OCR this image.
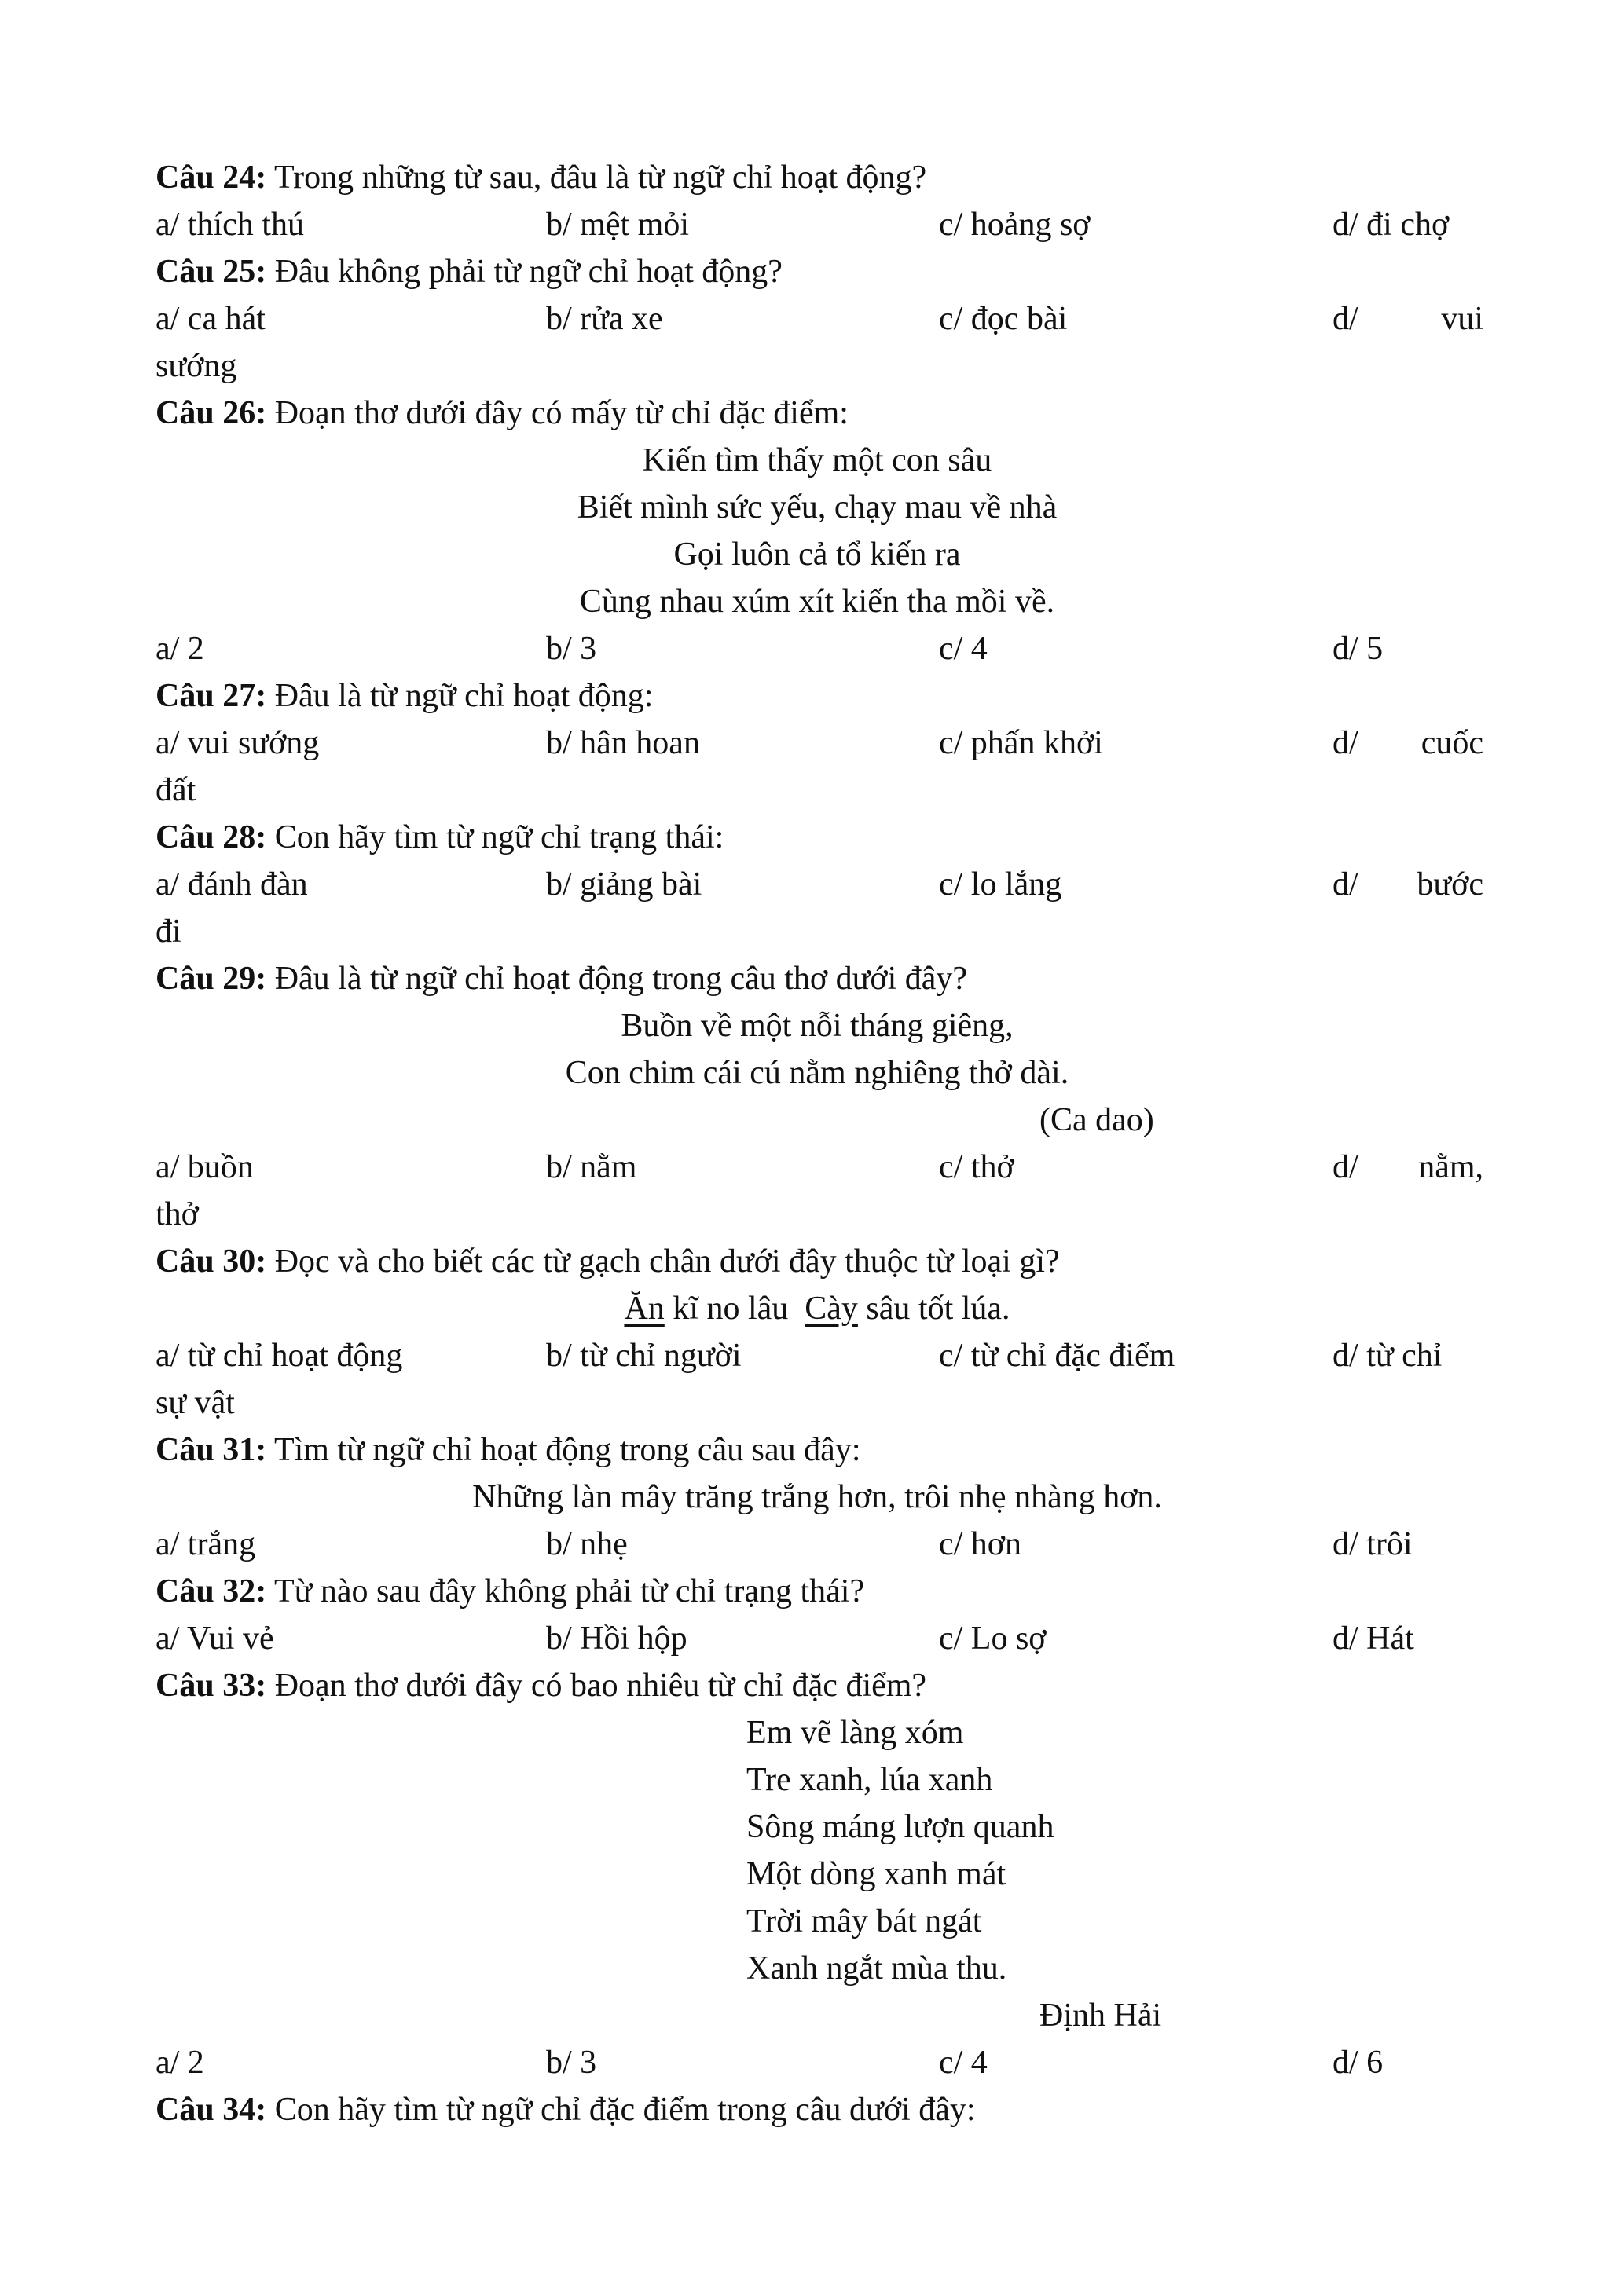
Câu 24: Trong những từ sau, đâu là từ ngữ chỉ hoạt động?
a/ thích thú	b/ mệt mỏi	c/ hoảng sợ	d/ đi chợ
Câu 25: Đâu không phải từ ngữ chỉ hoạt động?
a/ ca hát	b/ rửa xe	c/ đọc bài	d/	vui
sướng
Câu 26: Đoạn thơ dưới đây có mấy từ chỉ đặc điểm:
Kiến tìm thấy một con sâu
Biết mình sức yếu, chạy mau về nhà
Gọi luôn cả tổ kiến ra
Cùng nhau xúm xít kiến tha mồi về.
a/ 2	b/ 3	c/ 4	d/ 5
Câu 27: Đâu là từ ngữ chỉ hoạt động:
a/ vui sướng	b/ hân hoan	c/ phấn khởi	d/ cuốc
đất
Câu 28: Con hãy tìm từ ngữ chỉ trạng thái:
a/ đánh đàn	b/ giảng bài	c/ lo lắng	d/ bước
đi
Câu 29: Đâu là từ ngữ chỉ hoạt động trong câu thơ dưới đây?
Buồn về một nỗi tháng giêng,
Con chim cái cú nằm nghiêng thở dài.
(Ca dao)
a/ buồn	b/ nằm	c/ thở	d/ nằm,
thở
Câu 30: Đọc và cho biết các từ gạch chân dưới đây thuộc từ loại gì?
Ăn kĩ no lâu  Cày sâu tốt lúa.
a/ từ chỉ hoạt động	b/ từ chỉ người	c/ từ chỉ đặc điểm	d/ từ chỉ
sự vật
Câu 31: Tìm từ ngữ chỉ hoạt động trong câu sau đây:
Những làn mây trăng trắng hơn, trôi nhẹ nhàng hơn.
a/ trắng	b/ nhẹ	c/ hơn	d/ trôi
Câu 32: Từ nào sau đây không phải từ chỉ trạng thái?
a/ Vui vẻ	b/ Hồi hộp	c/ Lo sợ	d/ Hát
Câu 33: Đoạn thơ dưới đây có bao nhiêu từ chỉ đặc điểm?
Em vẽ làng xóm
Tre xanh, lúa xanh
Sông máng lượn quanh
Một dòng xanh mát
Trời mây bát ngát
Xanh ngắt mùa thu.
Định Hải
a/ 2	b/ 3	c/ 4	d/ 6
Câu 34: Con hãy tìm từ ngữ chỉ đặc điểm trong câu dưới đây:
